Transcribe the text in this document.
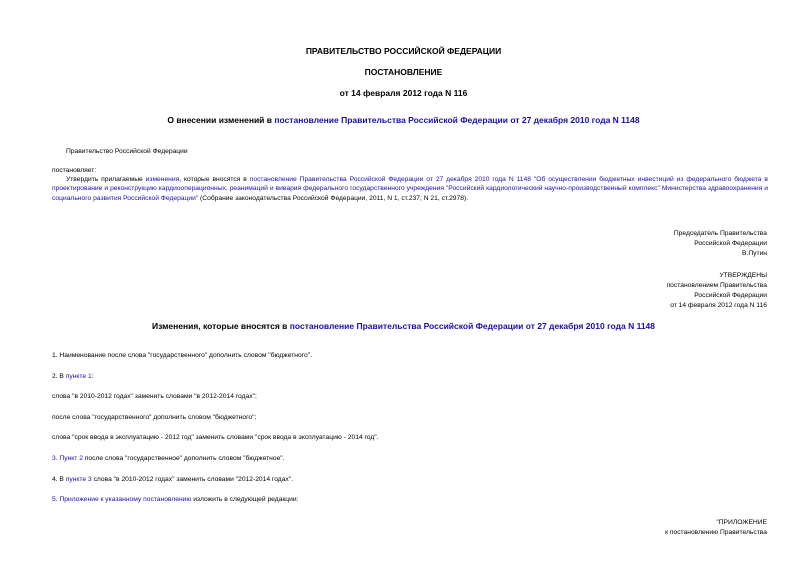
ПРАВИТЕЛЬСТВО РОССИЙСКОЙ ФЕДЕРАЦИИ
ПОСТАНОВЛЕНИЕ
от 14 февраля 2012 года N 116
О внесении изменений в постановление Правительства Российской Федерации от 27 декабря 2010 года N 1148
Правительство Российской Федерации
постановляет:
Утвердить прилагаемые изменения, которые вносятся в постановление Правительства Российской Федерации от 27 декабря 2010 года N 1148 "Об осуществлении бюджетных инвестиций из федерального бюджета в проектирование и реконструкцию кардиооперационных, реанимаций и вивария федерального государственного учреждения "Российский кардиологический научно-производственный комплекс" Министерства здравоохранения и социального развития Российской Федерации" (Собрание законодательства Российской Федерации, 2011, N 1, ст.237; N 21, ст.2978).
Председатель Правительства
Российской Федерации
В.Путин
УТВЕРЖДЕНЫ
постановлением Правительства
Российской Федерации
от 14 февраля 2012 года N 116
Изменения, которые вносятся в постановление Правительства Российской Федерации от 27 декабря 2010 года N 1148
1. Наименование после слова "государственного" дополнить словом "бюджетного".
2. В пункте 1:
слова "в 2010-2012 годах" заменить словами "в 2012-2014 годах";
после слова "государственного" дополнить словом "бюджетного";
слова "срок ввода в эксплуатацию - 2012 год" заменить словами "срок ввода в эксплуатацию - 2014 год".
3. Пункт 2 после слова "государственное" дополнить словом "бюджетное".
4. В пункте 3 слова "в 2010-2012 годах" заменить словами "2012-2014 годах".
5. Приложение к указанному постановлению изложить в следующей редакции:
"ПРИЛОЖЕНИЕ
к постановлению Правительства
